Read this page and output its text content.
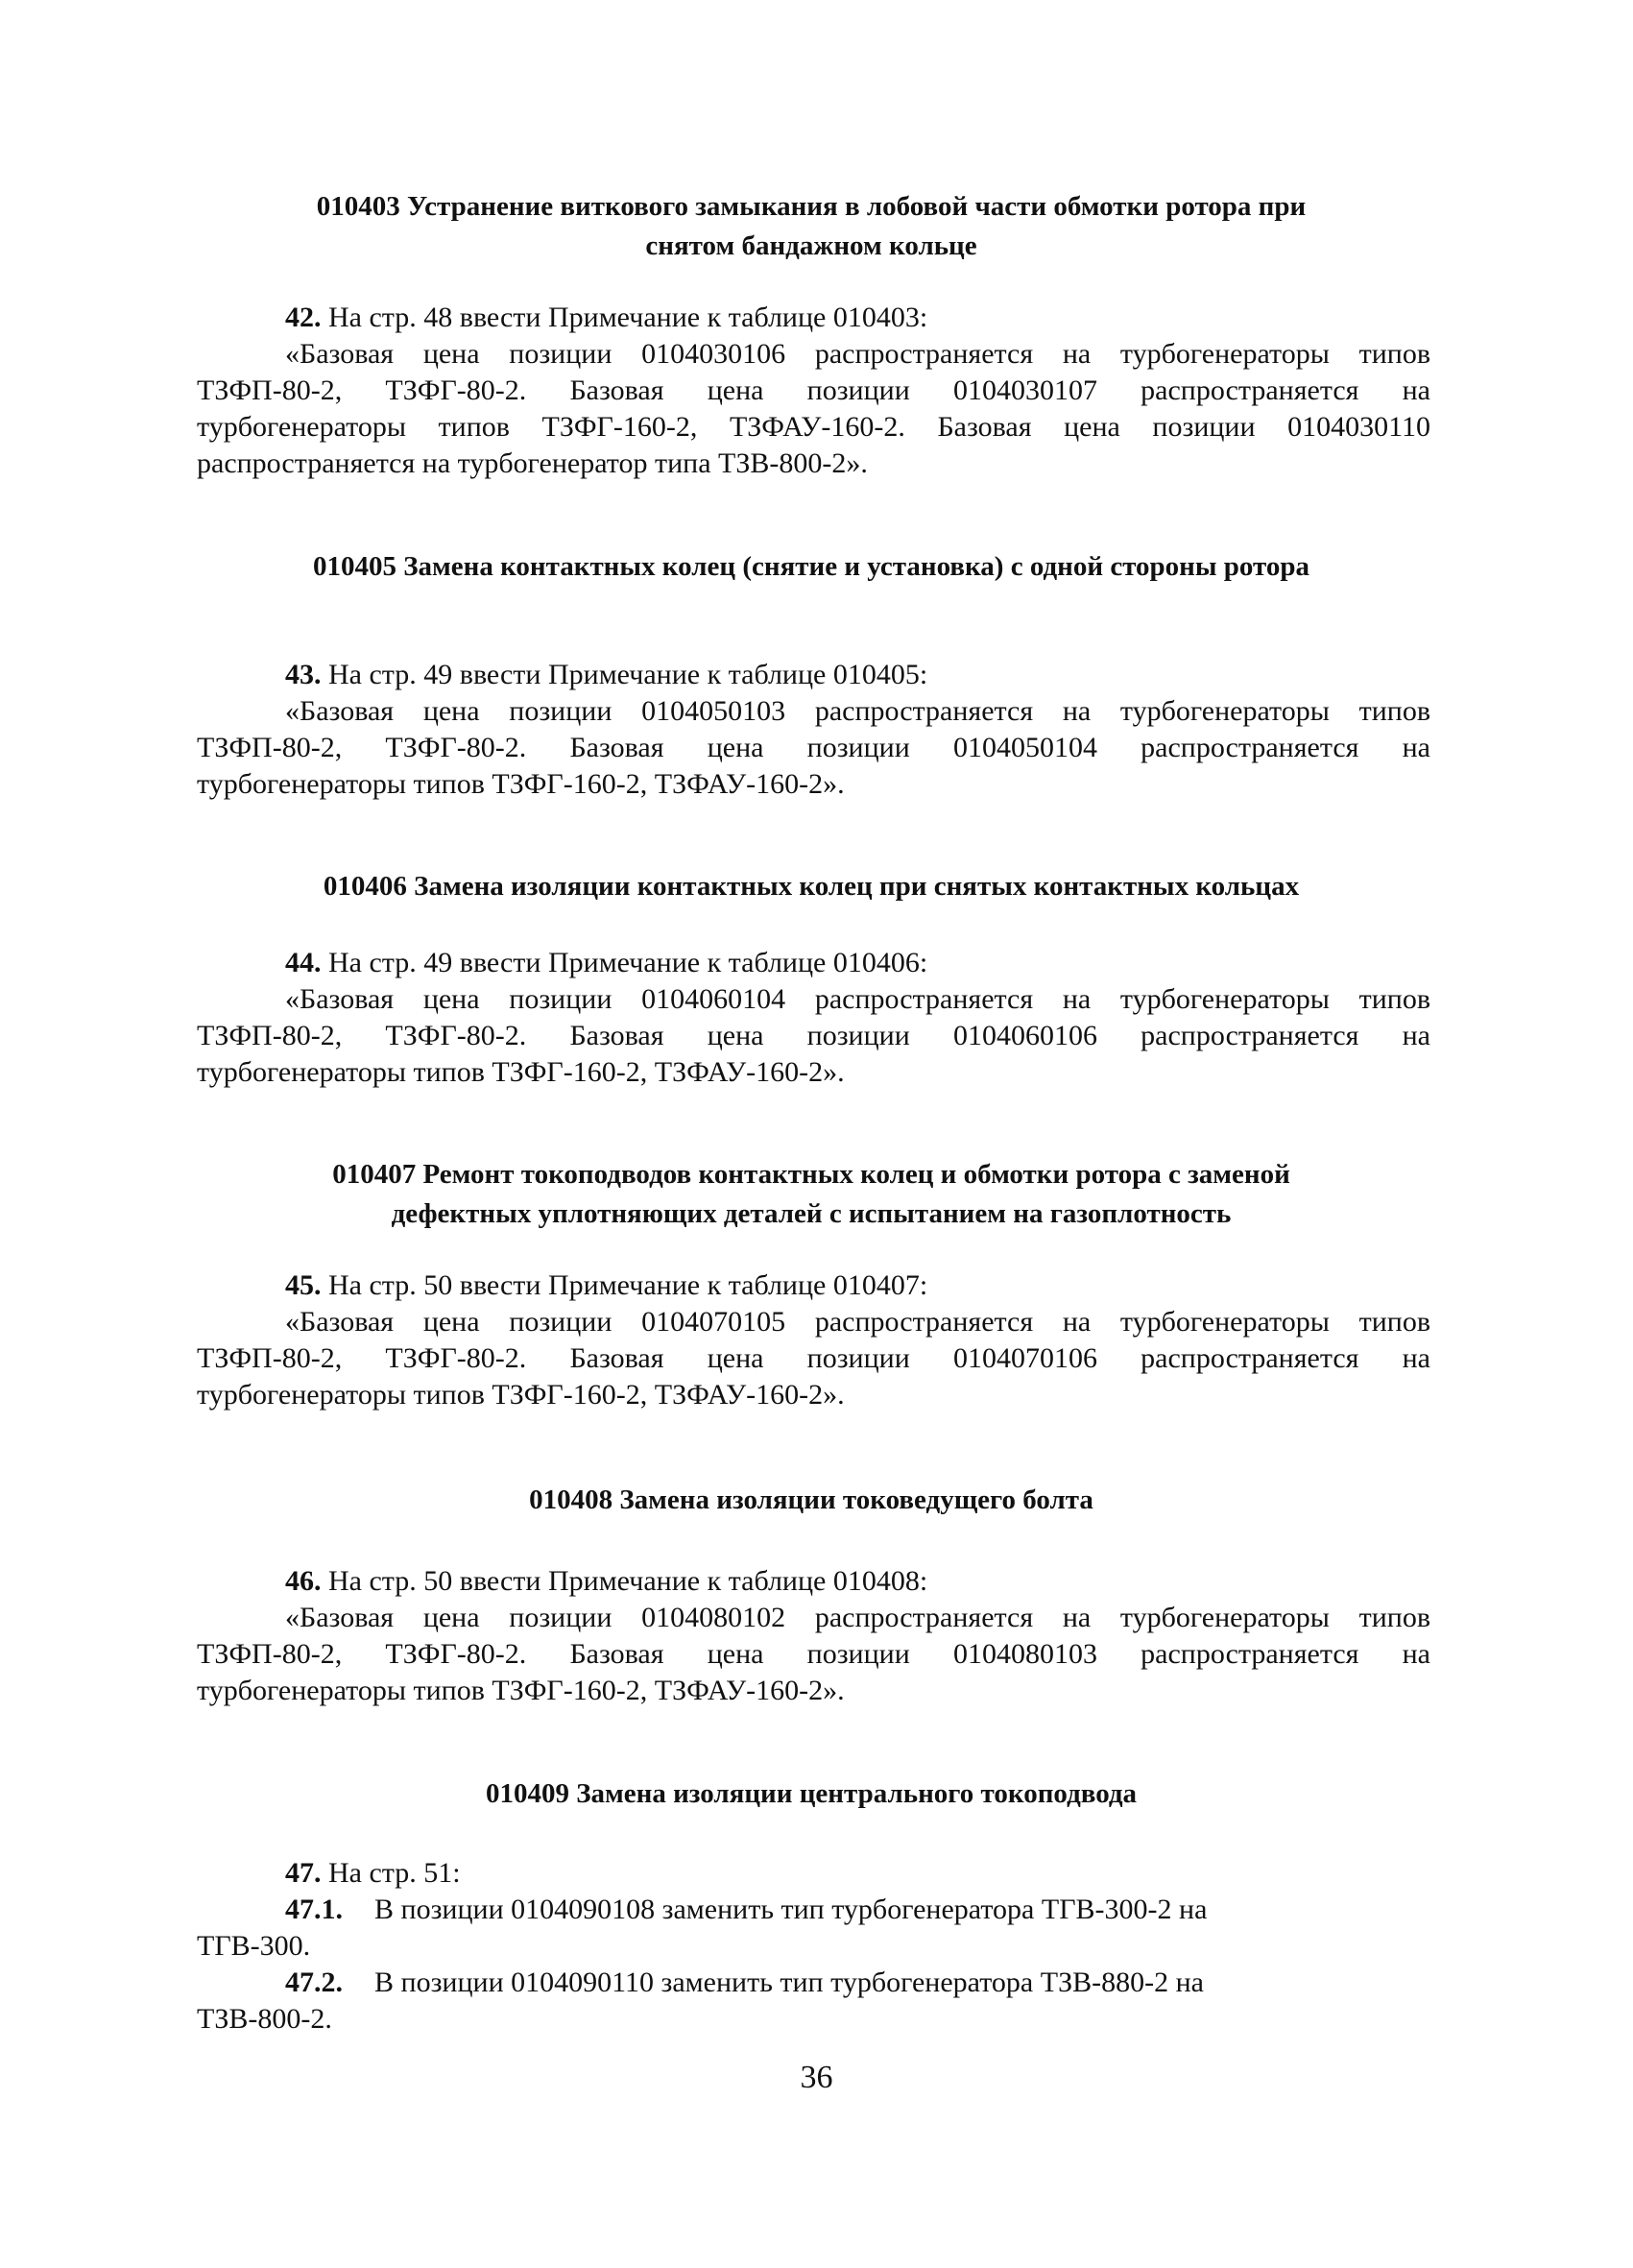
010403 Устранение виткового замыкания в лобовой части обмотки ротора при
снятом бандажном кольце
42. На стр. 48 ввести Примечание к таблице 010403:
«Базовая цена позиции 0104030106 распространяется на турбогенераторы типов
ТЗФП-80-2, ТЗФГ-80-2. Базовая цена позиции 0104030107 распространяется на
турбогенераторы типов ТЗФГ-160-2, ТЗФАУ-160-2. Базовая цена позиции 0104030110
распространяется на турбогенератор типа ТЗВ-800-2».
010405 Замена контактных колец (снятие и установка) с одной стороны ротора
43. На стр. 49 ввести Примечание к таблице 010405:
«Базовая цена позиции 0104050103 распространяется на турбогенераторы типов
ТЗФП-80-2, ТЗФГ-80-2. Базовая цена позиции 0104050104 распространяется на
турбогенераторы типов ТЗФГ-160-2, ТЗФАУ-160-2».
010406 Замена изоляции контактных колец при снятых контактных кольцах
44. На стр. 49 ввести Примечание к таблице 010406:
«Базовая цена позиции 0104060104 распространяется на турбогенераторы типов
ТЗФП-80-2, ТЗФГ-80-2. Базовая цена позиции 0104060106 распространяется на
турбогенераторы типов ТЗФГ-160-2, ТЗФАУ-160-2».
010407 Ремонт токоподводов контактных колец и обмотки ротора с заменой
дефектных уплотняющих деталей с испытанием на газоплотность
45. На стр. 50 ввести Примечание к таблице 010407:
«Базовая цена позиции 0104070105 распространяется на турбогенераторы типов
ТЗФП-80-2, ТЗФГ-80-2. Базовая цена позиции 0104070106 распространяется на
турбогенераторы типов ТЗФГ-160-2, ТЗФАУ-160-2».
010408 Замена изоляции токоведущего болта
46. На стр. 50 ввести Примечание к таблице 010408:
«Базовая цена позиции 0104080102 распространяется на турбогенераторы типов
ТЗФП-80-2, ТЗФГ-80-2. Базовая цена позиции 0104080103 распространяется на
турбогенераторы типов ТЗФГ-160-2, ТЗФАУ-160-2».
010409 Замена изоляции центрального токоподвода
47. На стр. 51:
47.1. В позиции 0104090108 заменить тип турбогенератора ТГВ-300-2 на
ТГВ-300.
47.2. В позиции 0104090110 заменить тип турбогенератора ТЗВ-880-2 на
ТЗВ-800-2.
36
